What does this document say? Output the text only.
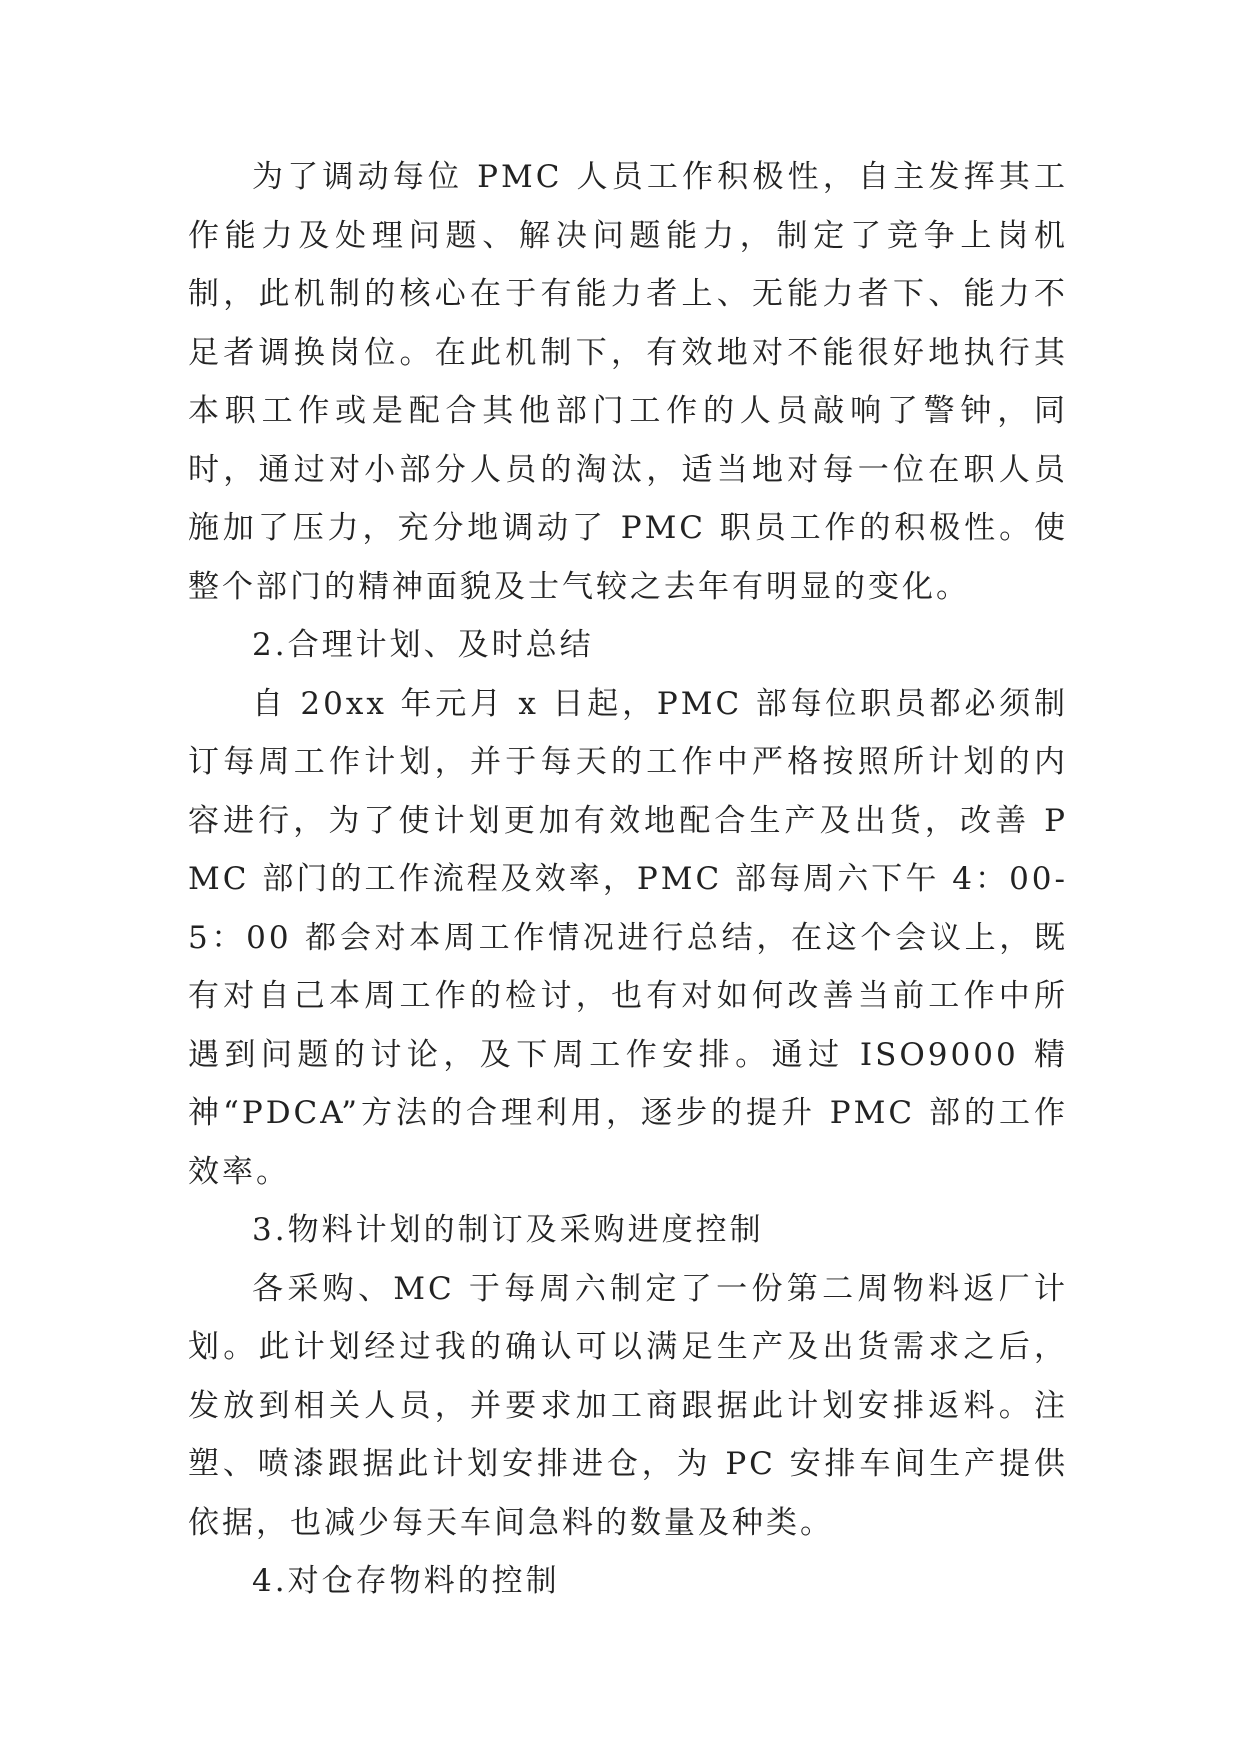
为了调动每位 PMC 人员工作积极性，自主发挥其工作能力及处理问题、解决问题能力，制定了竞争上岗机制，此机制的核心在于有能力者上、无能力者下、能力不足者调换岗位。在此机制下，有效地对不能很好地执行其本职工作或是配合其他部门工作的人员敲响了警钟，同时，通过对小部分人员的淘汰，适当地对每一位在职人员施加了压力，充分地调动了 PMC 职员工作的积极性。使整个部门的精神面貌及士气较之去年有明显的变化。

2.合理计划、及时总结

自 20xx 年元月 x 日起，PMC 部每位职员都必须制订每周工作计划，并于每天的工作中严格按照所计划的内容进行，为了使计划更加有效地配合生产及出货，改善 PMC 部门的工作流程及效率，PMC 部每周六下午 4：00-5：00 都会对本周工作情况进行总结，在这个会议上，既有对自己本周工作的检讨，也有对如何改善当前工作中所遇到问题的讨论，及下周工作安排。通过 ISO9000 精神“PDCA”方法的合理利用，逐步的提升 PMC 部的工作效率。

3.物料计划的制订及采购进度控制

各采购、MC 于每周六制定了一份第二周物料返厂计划。此计划经过我的确认可以满足生产及出货需求之后，发放到相关人员，并要求加工商跟据此计划安排返料。注塑、喷漆跟据此计划安排进仓，为 PC 安排车间生产提供依据，也减少每天车间急料的数量及种类。

4.对仓存物料的控制
